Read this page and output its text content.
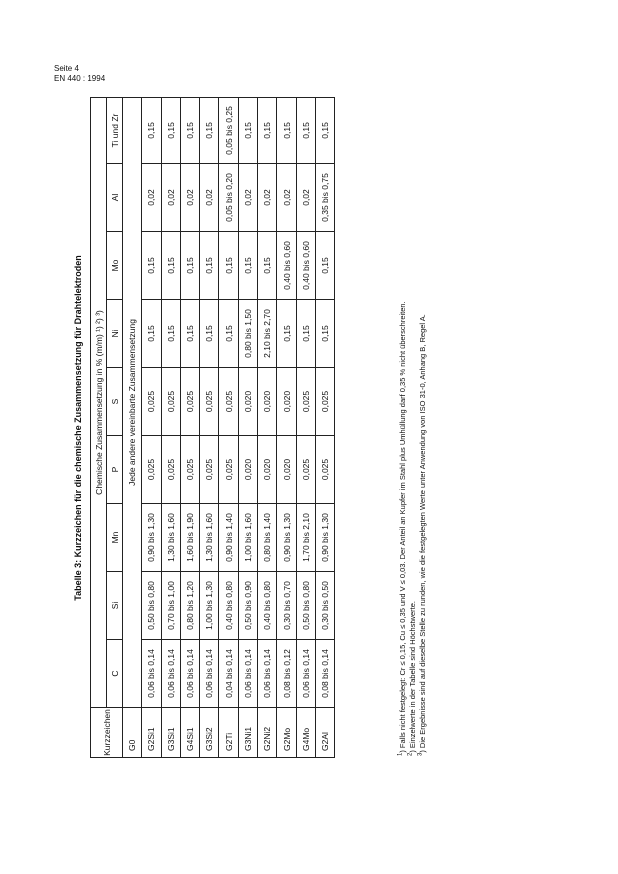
Seite 4
EN 440 : 1994
Tabelle 3: Kurzzeichen für die chemische Zusammensetzung für Drahtelektroden
Kurzzeichen	Chemische Zusammensetzung in % (m/m) ¹) ²) ³)								
	C	Si	Mn	P	S	Ni	Mo	Al	Ti und Zr
G0	Jede andere vereinbarte Zusammensetzung								
G2Si1	0,06 bis 0,14	0,50 bis 0,80	0,90 bis 1,30	0,025	0,025	0,15	0,15	0,02	0,15
G3Si1	0,06 bis 0,14	0,70 bis 1,00	1,30 bis 1,60	0,025	0,025	0,15	0,15	0,02	0,15
G4Si1	0,06 bis 0,14	0,80 bis 1,20	1,60 bis 1,90	0,025	0,025	0,15	0,15	0,02	0,15
G3Si2	0,06 bis 0,14	1,00 bis 1,30	1,30 bis 1,60	0,025	0,025	0,15	0,15	0,02	0,15
G2Ti	0,04 bis 0,14	0,40 bis 0,80	0,90 bis 1,40	0,025	0,025	0,15	0,15	0,05 bis 0,20	0,05 bis 0,25
G3Ni1	0,06 bis 0,14	0,50 bis 0,90	1,00 bis 1,60	0,020	0,020	0,80 bis 1,50	0,15	0,02	0,15
G2Ni2	0,06 bis 0,14	0,40 bis 0,80	0,80 bis 1,40	0,020	0,020	2,10 bis 2,70	0,15	0,02	0,15
G2Mo	0,08 bis 0,12	0,30 bis 0,70	0,90 bis 1,30	0,020	0,020	0,15	0,40 bis 0,60	0,02	0,15
G4Mo	0,06 bis 0,14	0,50 bis 0,80	1,70 bis 2,10	0,025	0,025	0,15	0,40 bis 0,60	0,02	0,15
G2Al	0,08 bis 0,14	0,30 bis 0,50	0,90 bis 1,30	0,025	0,025	0,15	0,15	0,35 bis 0,75	0,15
$^1$) Falls nicht festgelegt: Cr ≤ 0,15, Cu ≤ 0,35 und V ≤ 0,03. Der Anteil an Kupfer im Stahl plus Umhüllung darf 0,35 % nicht überschreiten.
$^2$) Einzelwerte in der Tabelle sind Höchstwerte.
$^3$) Die Ergebnisse sind auf dieselbe Stelle zu runden, wie die festgelegten Werte unter Anwendung von ISO 31-0, Anhang B, Regel A.
